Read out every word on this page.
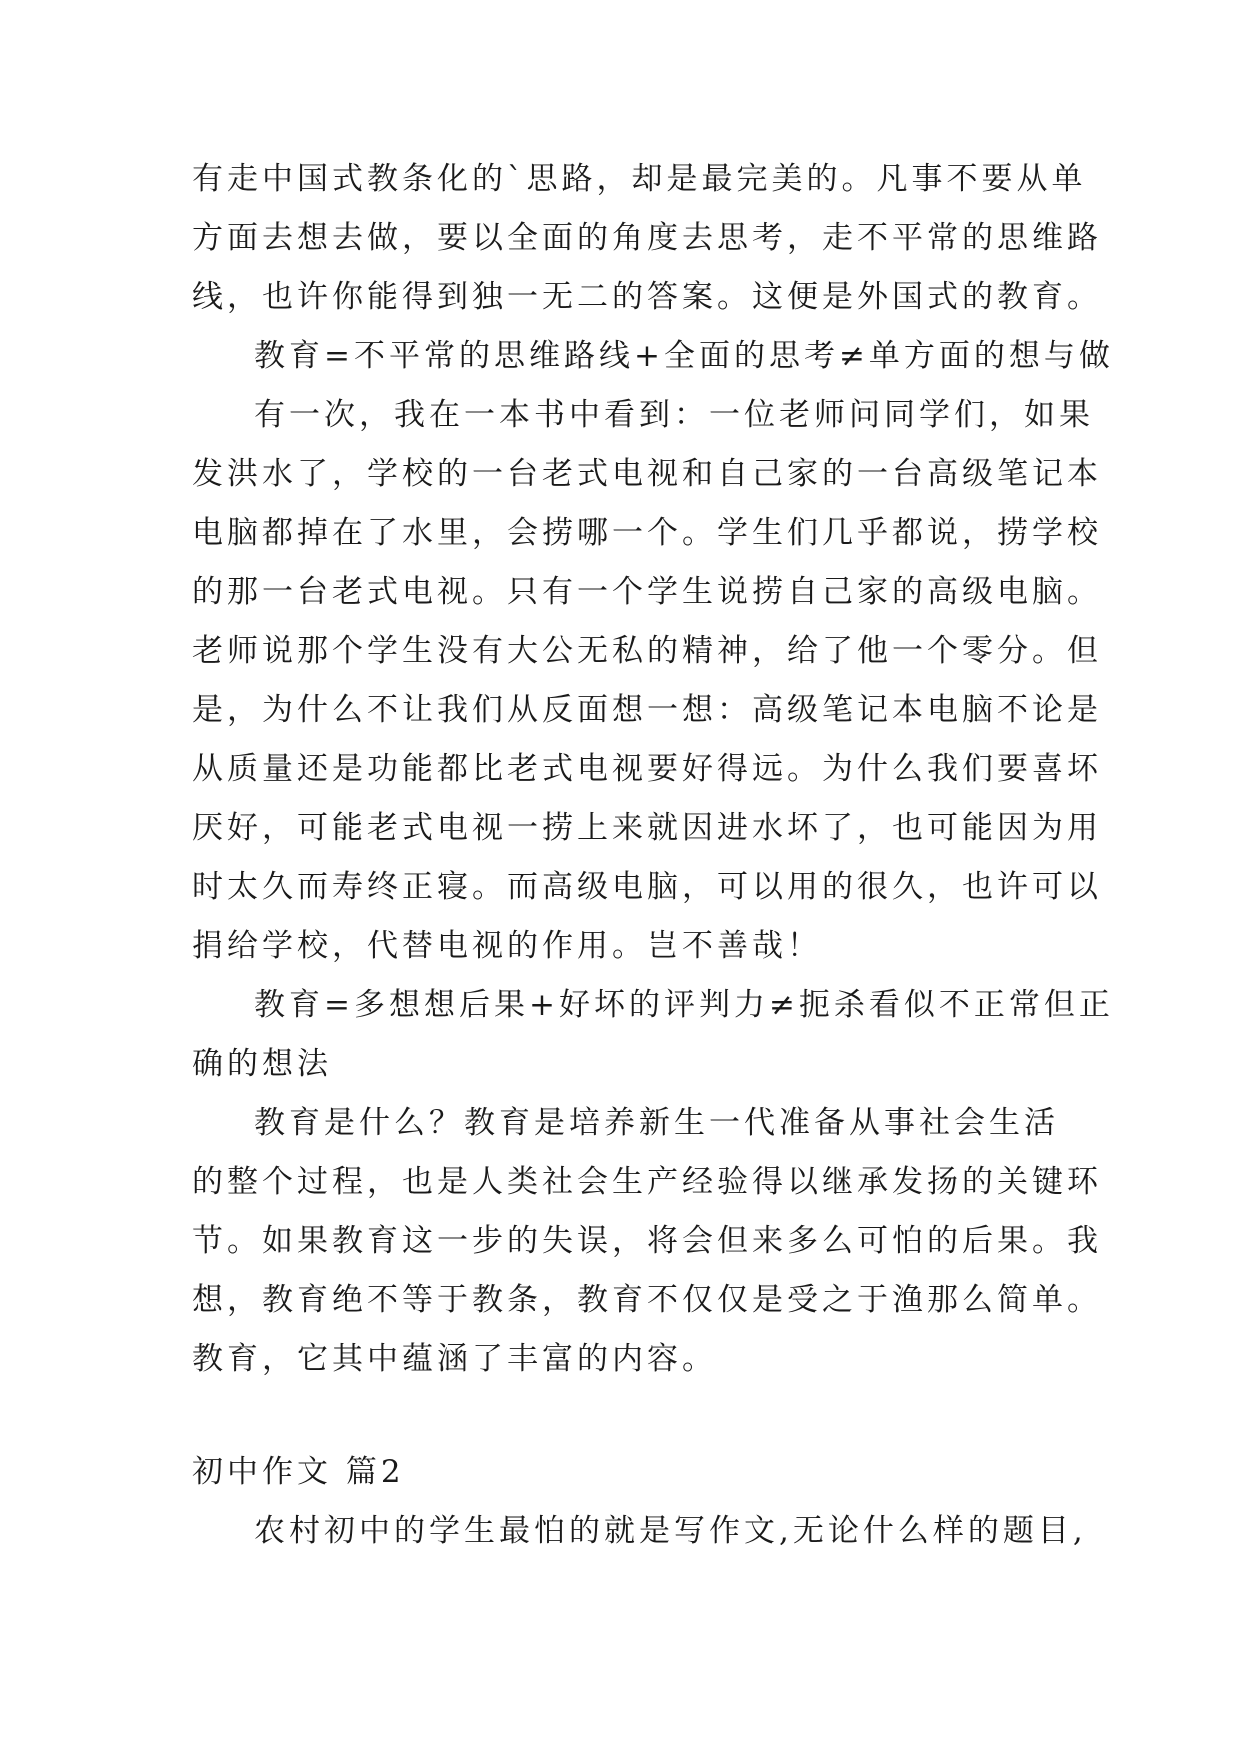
有走中国式教条化的`思路，却是最完美的。凡事不要从单
方面去想去做，要以全面的角度去思考，走不平常的思维路
线，也许你能得到独一无二的答案。这便是外国式的教育。
教育=不平常的思维路线+全面的思考≠单方面的想与做
有一次，我在一本书中看到：一位老师问同学们，如果
发洪水了，学校的一台老式电视和自己家的一台高级笔记本
电脑都掉在了水里，会捞哪一个。学生们几乎都说，捞学校
的那一台老式电视。只有一个学生说捞自己家的高级电脑。
老师说那个学生没有大公无私的精神，给了他一个零分。但
是，为什么不让我们从反面想一想：高级笔记本电脑不论是
从质量还是功能都比老式电视要好得远。为什么我们要喜坏
厌好，可能老式电视一捞上来就因进水坏了，也可能因为用
时太久而寿终正寝。而高级电脑，可以用的很久，也许可以
捐给学校，代替电视的作用。岂不善哉！
教育=多想想后果+好坏的评判力≠扼杀看似不正常但正
确的想法
教育是什么？教育是培养新生一代准备从事社会生活
的整个过程，也是人类社会生产经验得以继承发扬的关键环
节。如果教育这一步的失误，将会但来多么可怕的后果。我
想，教育绝不等于教条，教育不仅仅是受之于渔那么简单。
教育，它其中蕴涵了丰富的内容。
初中作文 篇2
农村初中的学生最怕的就是写作文,无论什么样的题目,
